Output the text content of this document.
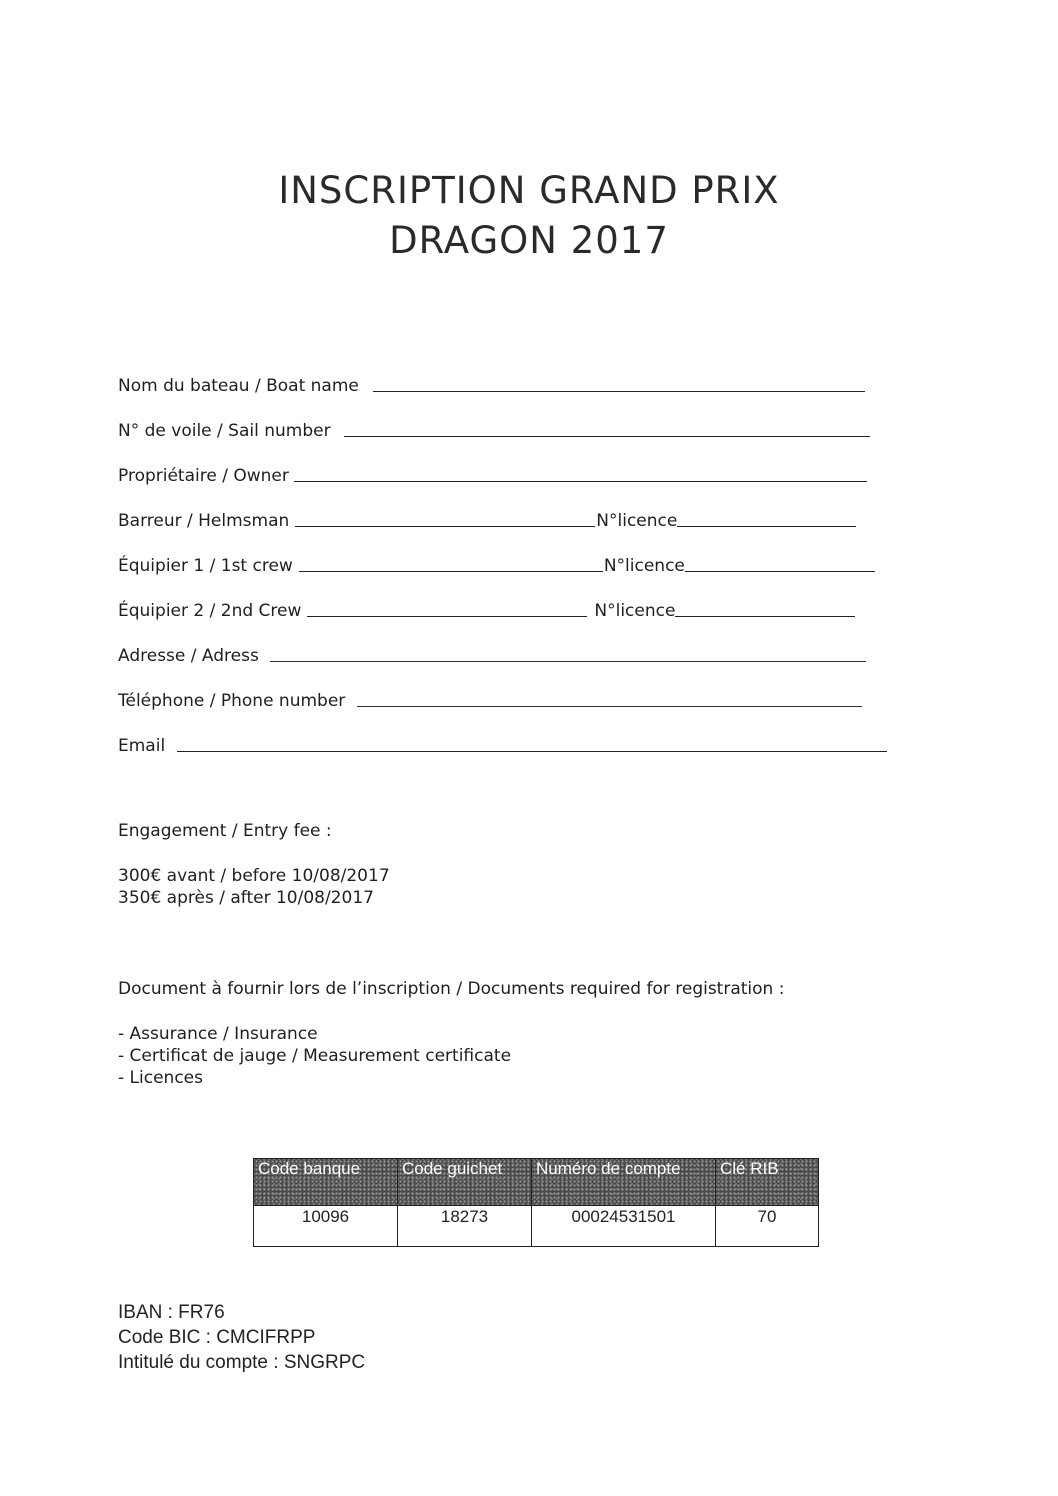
INSCRIPTION GRAND PRIX
DRAGON 2017
Nom du bateau / Boat name
N° de voile / Sail number
Propriétaire / Owner
Barreur / Helmsman	N°licence
Équipier 1 / 1st crew	N°licence
Équipier 2 / 2nd Crew	N°licence
Adresse / Adress
Téléphone / Phone number
Email
Engagement / Entry fee :
300€ avant / before 10/08/2017
350€ après / after 10/08/2017
Document à fournir lors de l’inscription / Documents required for registration :
- Assurance / Insurance
- Certificat de jauge / Measurement certificate
- Licences
Code banque	Code guichet	Numéro de compte	Clé RIB
10096	18273	00024531501	70
IBAN : FR76
Code BIC : CMCIFRPP
Intitulé du compte : SNGRPC
